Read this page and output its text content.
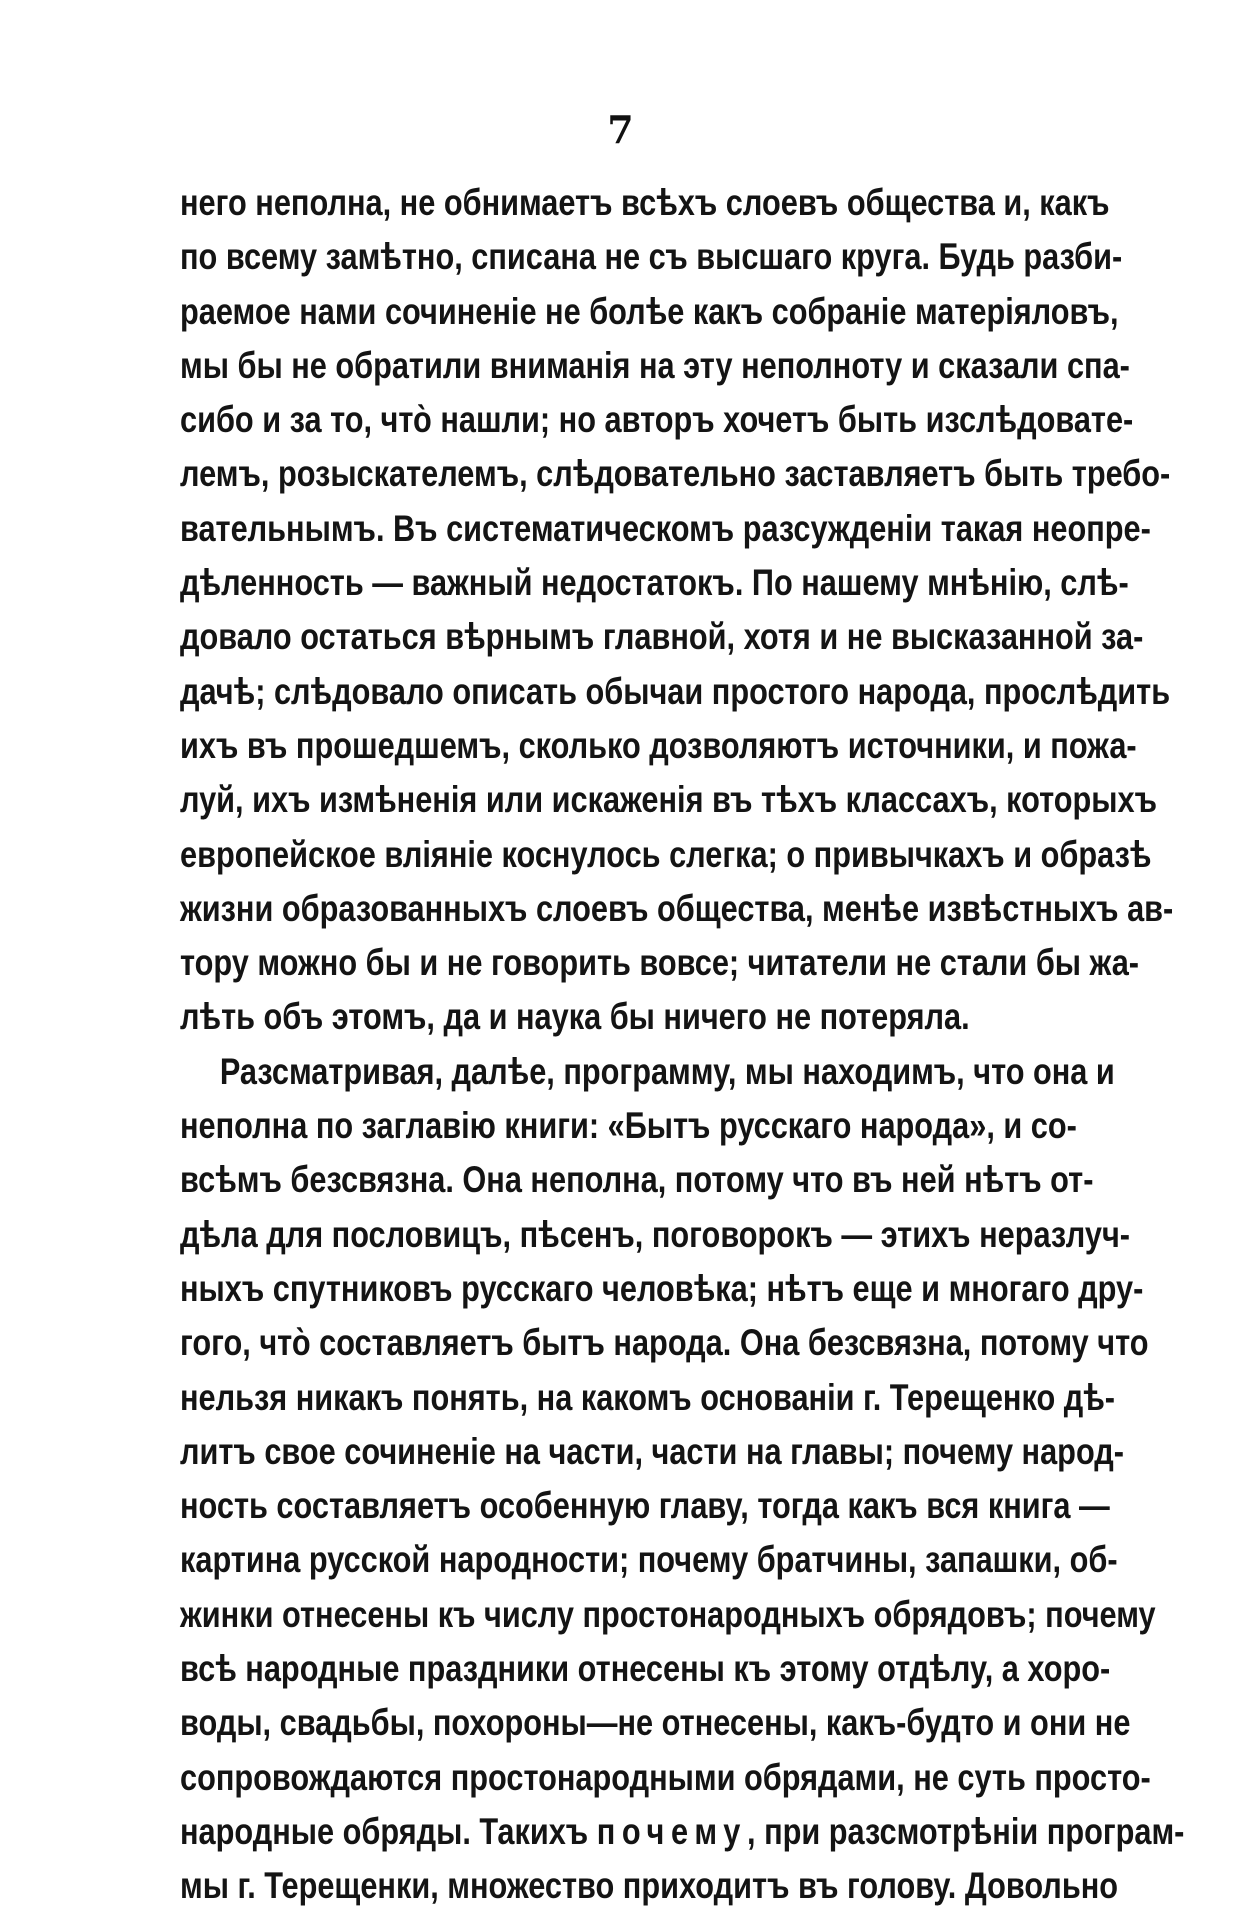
7
него неполна, не обнимаетъ всѣхъ слоевъ общества и, какъ
по всему замѣтно, списана не съ высшаго круга. Будь разби-
раемое нами сочиненіе не болѣе какъ собраніе матеріяловъ,
мы бы не обратили вниманія на эту неполноту и сказали спа-
сибо и за то, что̀ нашли; но авторъ хочетъ быть изслѣдовате-
лемъ, розыскателемъ, слѣдовательно заставляетъ быть требо-
вательнымъ. Въ систематическомъ разсужденіи такая неопре-
дѣленность — важный недостатокъ. По нашему мнѣнію, слѣ-
довало остаться вѣрнымъ главной, хотя и не высказанной за-
дачѣ; слѣдовало описать обычаи простого народа, прослѣдить
ихъ въ прошедшемъ, сколько дозволяютъ источники, и пожа-
луй, ихъ измѣненія или искаженія въ тѣхъ классахъ, которыхъ
европейское вліяніе коснулось слегка; о привычкахъ и образѣ
жизни образованныхъ слоевъ общества, менѣе извѣстныхъ ав-
тору можно бы и не говорить вовсе; читатели не стали бы жа-
лѣть объ этомъ, да и наука бы ничего не потеряла.
Разсматривая, далѣе, программу, мы находимъ, что она и
неполна по заглавію книги: «Бытъ русскаго народа», и со-
всѣмъ безсвязна. Она неполна, потому что въ ней нѣтъ от-
дѣла для пословицъ, пѣсенъ, поговорокъ — этихъ неразлуч-
ныхъ спутниковъ русскаго человѣка; нѣтъ еще и многаго дру-
гого, что̀ составляетъ бытъ народа. Она безсвязна, потому что
нельзя никакъ понять, на какомъ основаніи г. Терещенко дѣ-
литъ свое сочиненіе на части, части на главы; почему народ-
ность составляетъ особенную главу, тогда какъ вся книга —
картина русской народности; почему братчины, запашки, об-
жинки отнесены къ числу простонародныхъ обрядовъ; почему
всѣ народные праздники отнесены къ этому отдѣлу, а хоро-
воды, свадьбы, похороны—не отнесены, какъ-будто и они не
сопровождаются простонародными обрядами, не суть просто-
народные обряды. Такихъ почему, при разсмотрѣніи програм-
мы г. Терещенки, множество приходитъ въ голову. Довольно
